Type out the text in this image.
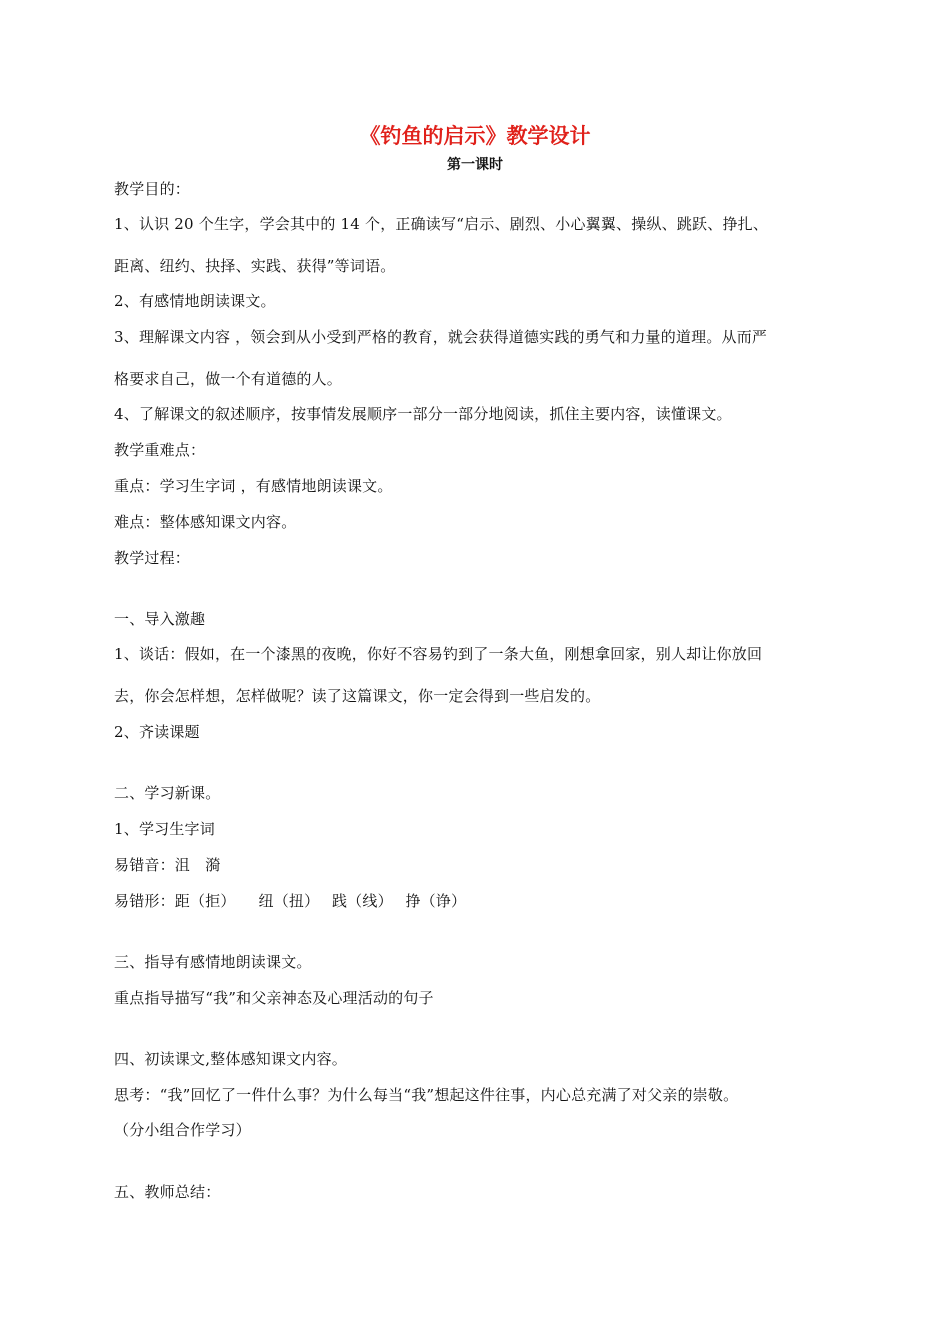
《钓鱼的启示》教学设计
第一课时
教学目的：
1、认识 20 个生字，学会其中的 14 个，正确读写“启示、剧烈、小心翼翼、操纵、跳跃、挣扎、
距离、纽约、抉择、实践、获得”等词语。
2、有感情地朗读课文。
3、理解课文内容 ，领会到从小受到严格的教育，就会获得道德实践的勇气和力量的道理。从而严
格要求自己，做一个有道德的人。
4、了解课文的叙述顺序，按事情发展顺序一部分一部分地阅读，抓住主要内容，读懂课文。
教学重难点：
重点：学习生字词 ，有感情地朗读课文。
难点：整体感知课文内容。
教学过程：
一、导入激趣
1、谈话：假如，在一个漆黑的夜晚，你好不容易钓到了一条大鱼，刚想拿回家，别人却让你放回
去，你会怎样想，怎样做呢？读了这篇课文，你一定会得到一些启发的。
2、齐读课题
二、学习新课。
1、学习生字词
易错音：沮　漪
易错形：距（拒）　　纽（扭）　 践（线）　 挣（诤）
三、指导有感情地朗读课文。
重点指导描写“我”和父亲神态及心理活动的句子
四、初读课文,整体感知课文内容。
思考：“我”回忆了一件什么事？为什么每当“我”想起这件往事，内心总充满了对父亲的崇敬。
（分小组合作学习）
五、教师总结：
